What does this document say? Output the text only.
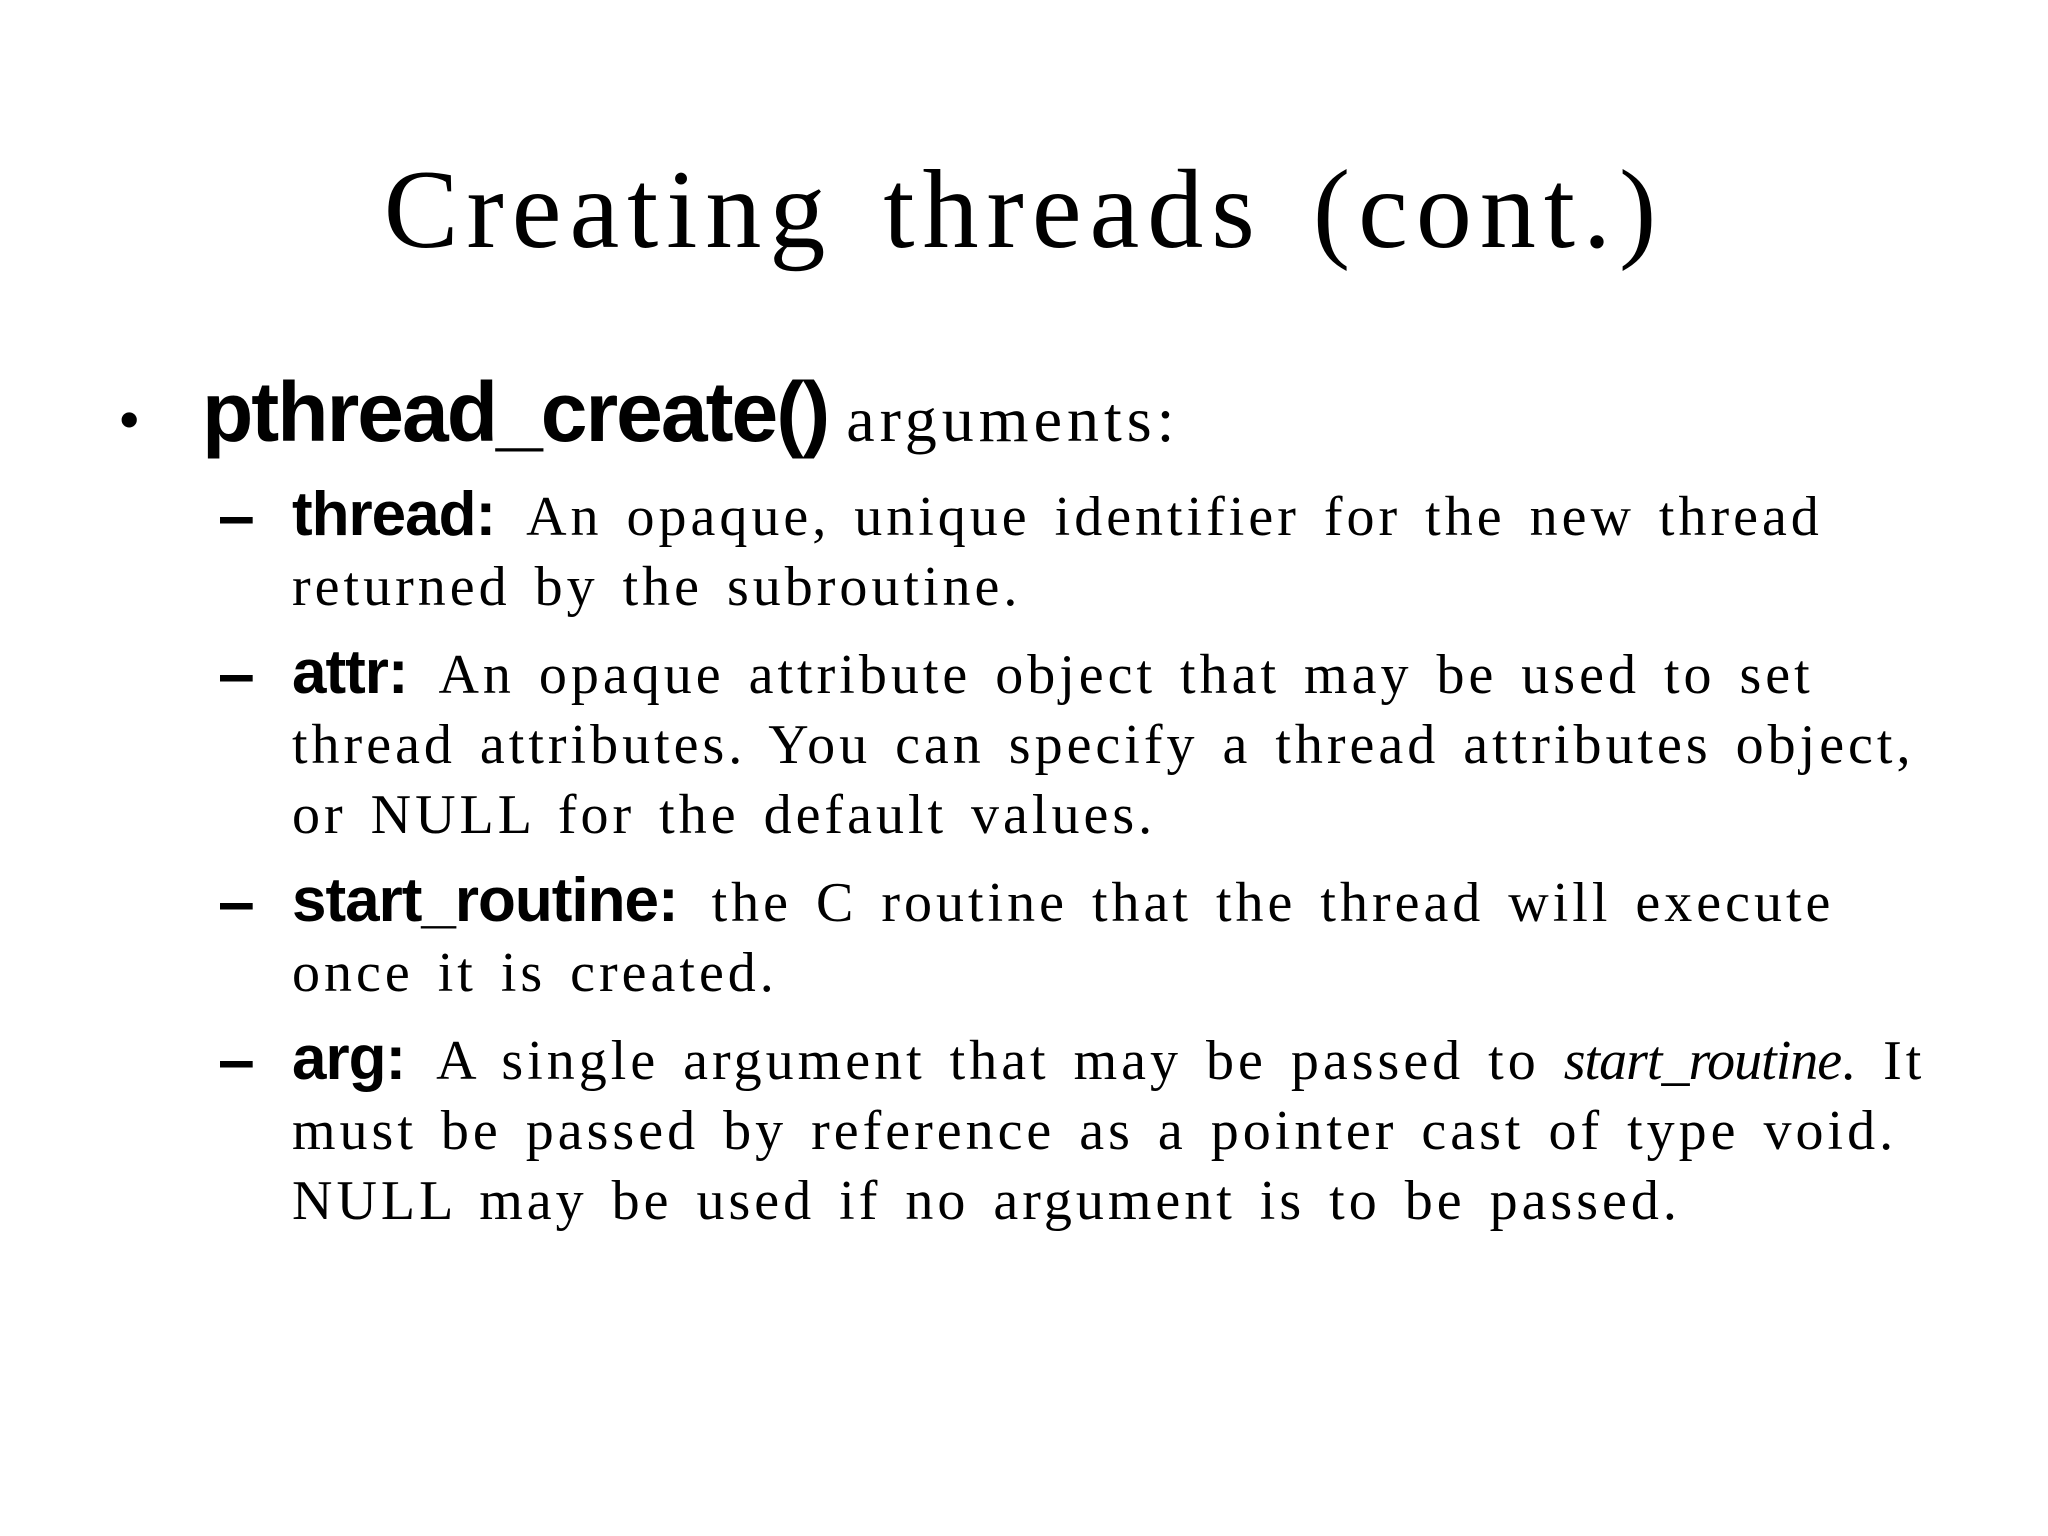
Creating threads (cont.)
• pthread_create() arguments:
– thread: An opaque, unique identifier for the new thread returned by the subroutine.
– attr: An opaque attribute object that may be used to set thread attributes. You can specify a thread attributes object, or NULL for the default values.
– start_routine: the C routine that the thread will execute once it is created.
– arg: A single argument that may be passed to start_routine. It must be passed by reference as a pointer cast of type void. NULL may be used if no argument is to be passed.
